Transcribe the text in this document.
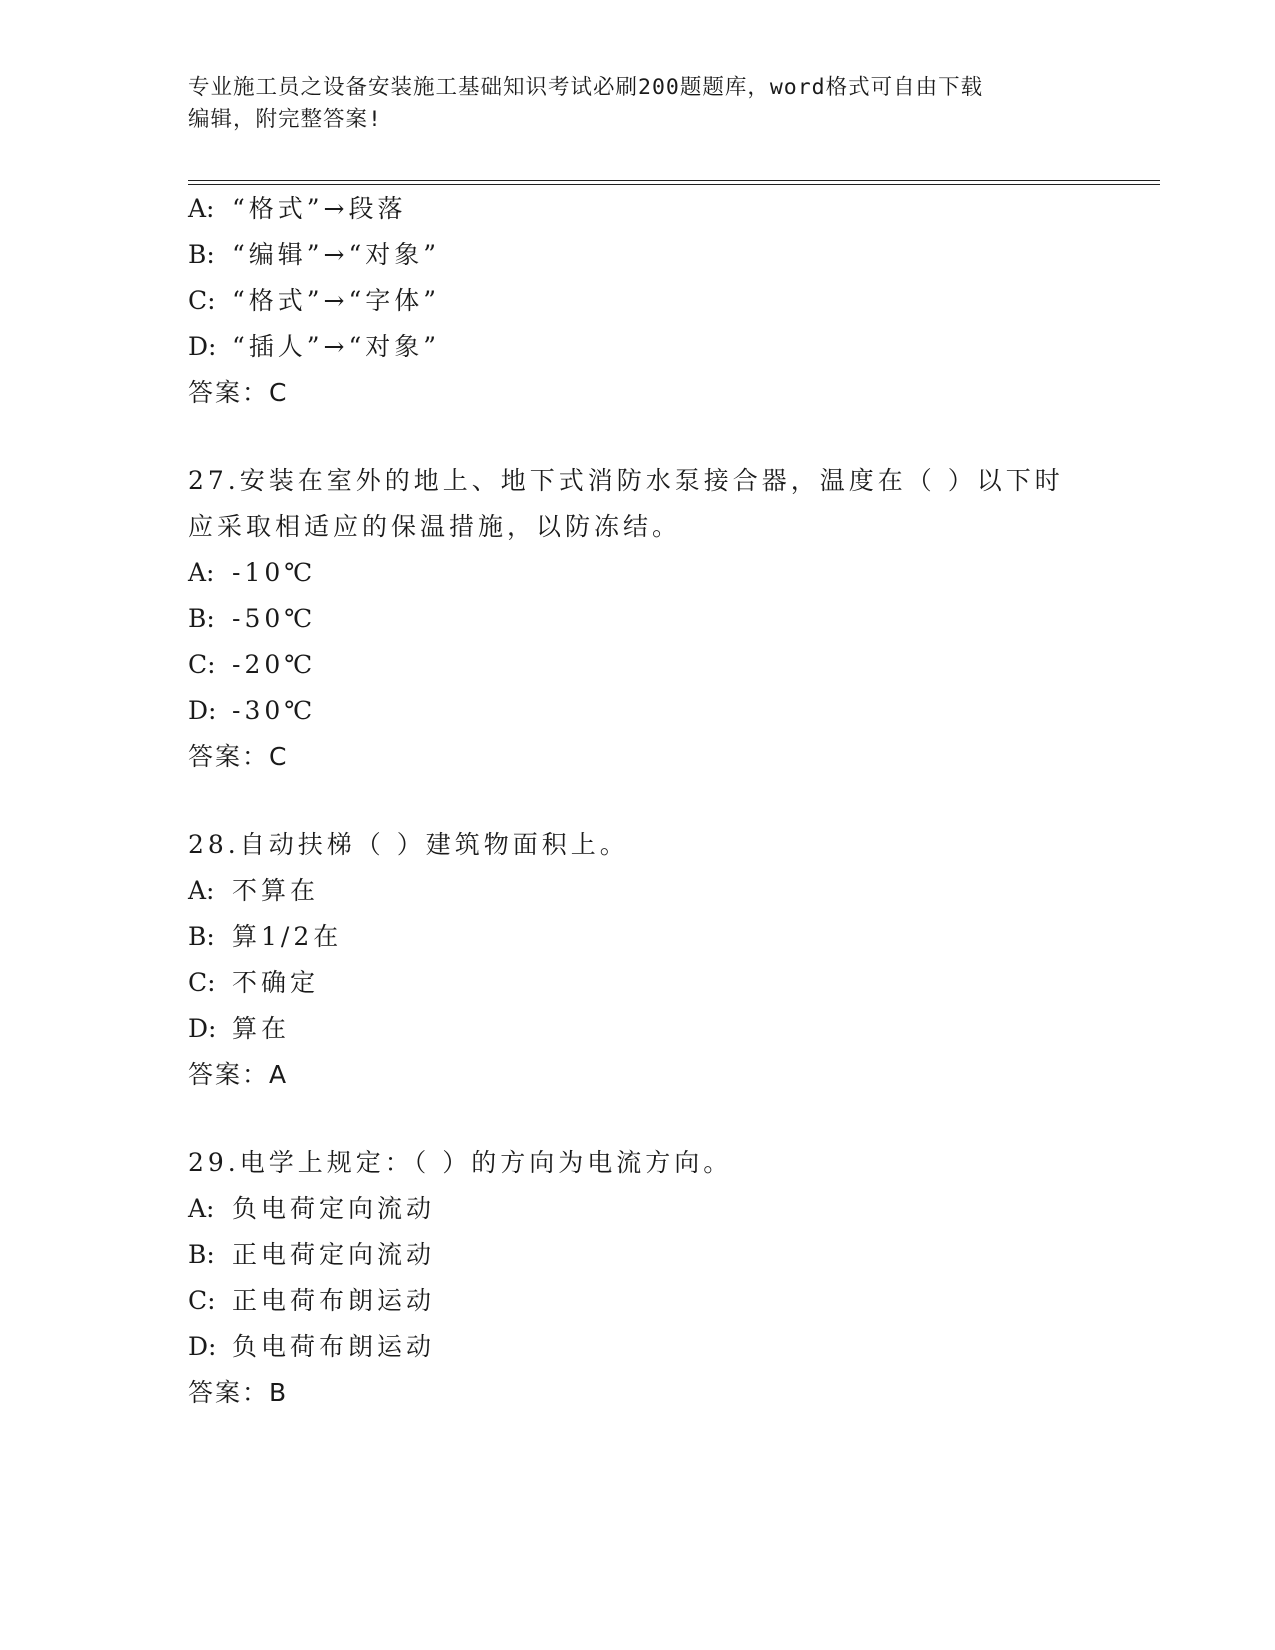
专业施工员之设备安装施工基础知识考试必刷200题题库，word格式可自由下载
编辑，附完整答案!
A: “格式”→段落
B: “编辑”→“对象”
C: “格式”→“字体”
D: “插人”→“对象”
答案：C
27.安装在室外的地上、地下式消防水泵接合器，温度在（ ）以下时
应采取相适应的保温措施，以防冻结。
A: -10℃
B: -50℃
C: -20℃
D: -30℃
答案：C
28.自动扶梯（ ）建筑物面积上。
A: 不算在
B: 算1/2在
C: 不确定
D: 算在
答案：A
29.电学上规定：（ ）的方向为电流方向。
A: 负电荷定向流动
B: 正电荷定向流动
C: 正电荷布朗运动
D: 负电荷布朗运动
答案：B
